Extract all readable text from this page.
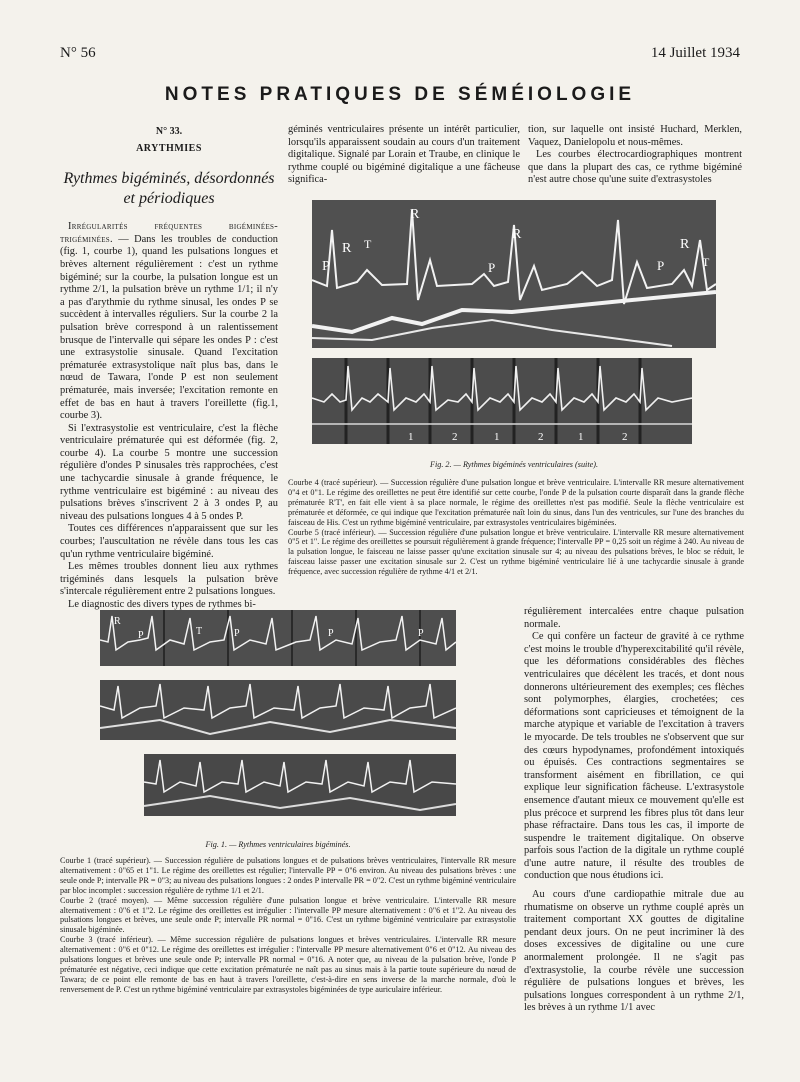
N° 56	14 Juillet 1934
NOTES PRATIQUES DE SÉMÉIOLOGIE
N° 33.
ARYTHMIES
Rythmes bigéminés, désordonnés et périodiques

Irrégularités fréquentes bigéminées-trigéminées. — Dans les troubles de conduction (fig. 1, courbe 1), quand les pulsations longues et brèves alternent régulièrement : c'est un rythme bigéminé; sur la courbe, la pulsation longue est un rythme 2/1, la pulsation brève un rythme 1/1; il n'y a pas d'arythmie du rythme sinusal, les ondes P se succèdent à intervalles réguliers. Sur la courbe 2 la pulsation brève correspond à un ralentissement brusque de l'intervalle qui sépare les ondes P : c'est une extrasystolie sinusale. Quand l'excitation prématurée extrasystolique naît plus bas, dans le nœud de Tawara, l'onde P est non seulement prématurée, mais inversée; l'excitation remonte en effet de bas en haut à travers l'oreillette (fig.1, courbe 3).

Si l'extrasystolie est ventriculaire, c'est la flèche ventriculaire prématurée qui est déformée (fig. 2, courbe 4). La courbe 5 montre une succession régulière d'ondes P sinusales très rapprochées, c'est une tachycardie sinusale à grande fréquence, le rythme ventriculaire est bigéminé : au niveau des pulsations brèves s'inscrivent 2 à 3 ondes P, au niveau des pulsations longues 4 à 5 ondes P.

Toutes ces différences n'apparaissent que sur les courbes; l'auscultation ne révèle dans tous les cas qu'un rythme ventriculaire bigéminé.

Les mêmes troubles donnent lieu aux rythmes trigéminés dans lesquels la pulsation brève s'intercale régulièrement entre 2 pulsations longues.

Le diagnostic des divers types de rythmes bi-

géminés ventriculaires présente un intérêt particulier, lorsqu'ils apparaissent soudain au cours d'un traitement digitalique. Signalé par Lorain et Traube, en clinique le rythme couplé ou bigéminé digitalique a une fâcheuse significa-

tion, sur laquelle ont insisté Huchard, Merklen, Vaquez, Danielopolu et nous-mêmes.

Les courbes électrocardiographiques montrent que dans la plupart des cas, ce rythme bigéminé n'est autre chose qu'une suite d'extrasystoles

P
R T
R
P
R
P
R
T
1	2	1	2	1	2
Fig. 2. — Rythmes bigéminés ventriculaires (suite).

Courbe 4 (tracé supérieur). — Succession régulière d'une pulsation longue et brève ventriculaire. L'intervalle RR mesure alternativement 0"4 et 0"1. Le régime des oreillettes ne peut être identifié sur cette courbe, l'onde P de la pulsation courte disparaît dans la grande flèche prématurée R'T', en fait elle vient à sa place normale, le régime des oreillettes n'est pas modifié. Seule la flèche ventriculaire est prématurée et déformée, ce qui indique que l'excitation prématurée naît loin du sinus, dans l'un des ventricules, sur l'une des branches du faisceau de His. C'est un rythme bigéminé ventriculaire, par extrasystoles ventriculaires bigéminées.

Courbe 5 (tracé inférieur). — Succession régulière d'une pulsation longue et brève ventriculaire. L'intervalle RR mesure alternativement 0"5 et 1". Le régime des oreillettes se poursuit régulièrement à grande fréquence; l'intervalle PP = 0,25 soit un régime à 240. Au niveau de la pulsation longue, le faisceau ne laisse passer qu'une excitation sinusale sur 4; au niveau des pulsations brèves, le bloc se réduit, le faisceau laisse passer une excitation sinusale sur 2. C'est un rythme bigéminé ventriculaire lié à une tachycardie sinusale à grande fréquence, avec succession régulière de rythme 4/1 et 2/1.

R
P	T	P	P	P
Fig. 1. — Rythmes ventriculaires bigéminés.

Courbe 1 (tracé supérieur). — Succession régulière de pulsations longues et de pulsations brèves ventriculaires, l'intervalle RR mesure alternativement : 0"65 et 1"1. Le régime des oreillettes est régulier; l'intervalle PP = 0"6 environ. Au niveau des pulsations brèves : une seule onde P; intervalle PR = 0"3; au niveau des pulsations longues : 2 ondes P intervalle PR = 0"2. C'est un rythme bigéminé ventriculaire par bloc incomplet : succession régulière de rythme 1/1 et 2/1.

Courbe 2 (tracé moyen). — Même succession régulière d'une pulsation longue et brève ventriculaire. L'intervalle RR mesure alternativement : 0"6 et 1"2. Le régime des oreillettes est irrégulier : l'intervalle PP mesure alternativement : 0"6 et 1"2. Au niveau des pulsations longues et brèves, une seule onde P; intervalle PR normal = 0"16. C'est un rythme bigéminé ventriculaire par extrasystolie sinusale bigéminée.

Courbe 3 (tracé inférieur). — Même succession régulière de pulsations longues et brèves ventriculaires. L'intervalle RR mesure alternativement : 0"6 et 0"12. Le régime des oreillettes est irrégulier : l'intervalle PP mesure alternativement 0"6 et 0"12. Au niveau des pulsations longues et brèves une seule onde P; intervalle PR normal = 0"16. A noter que, au niveau de la pulsation brève, l'onde P prématurée est négative, ceci indique que cette excitation prématurée ne naît pas au sinus mais à la partie toute supérieure du nœud de Tawara; de ce point elle remonte de bas en haut à travers l'oreillette, c'est-à-dire en sens inverse de la marche normale, d'où le renversement de P. C'est un rythme bigéminé ventriculaire par extrasystoles bigéminées de type auriculaire inférieur.

régulièrement intercalées entre chaque pulsation normale.

Ce qui confère un facteur de gravité à ce rythme c'est moins le trouble d'hyperexcitabilité qu'il révèle, que les déformations considérables des flèches ventriculaires que décèlent les tracés, et dont nous donnerons ultérieurement des exemples; ces flèches sont polymorphes, élargies, crochetées; ces déformations sont capricieuses et témoignent de la marche atypique et variable de l'excitation à travers le myocarde. De tels troubles ne s'observent que sur des cœurs hypodynames, profondément intoxiqués ou épuisés. Ces contractions segmentaires se transforment aisément en fibrillation, ce qui explique leur signification fâcheuse. L'extrasystole ensemence d'autant mieux ce mouvement qu'elle est plus précoce et surprend les fibres plus tôt dans leur phase réfractaire. Dans tous les cas, il importe de suspendre le traitement digitalique. On observe parfois sous l'action de la digitale un rythme couplé d'une autre nature, il résulte des troubles de conduction que nous étudions ici.

Au cours d'une cardiopathie mitrale due au rhumatisme on observe un rythme couplé après un traitement comportant XX gouttes de digitaline pendant deux jours. On ne peut incriminer là des doses excessives de digitaline ou une cure anormalement prolongée. Il ne s'agit pas d'extrasystolie, la courbe révèle une succession régulière de pulsations longues et brèves, les pulsations longues correspondent à un rythme 2/1, les brèves à un rythme 1/1 avec
